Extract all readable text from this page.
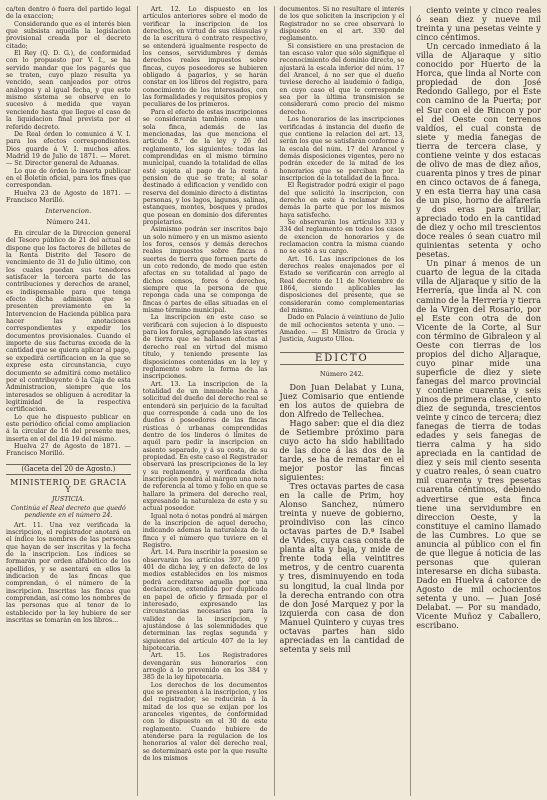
ca/ten dentro ó fuera del partido legal de la exaccion;

Considerando que es el interés bien que subsista aquella la legislacion provisional creada por el decreto citado;

El Rey (Q. D. G.), de conformidad con lo propuesto por V. I., se ha servido mandar que los pagarés que se traten, cuyo plazo resulta ya vencido, sean canjeados por otros análogos y al igual fecha, y que este mismo sistema se observe en lo sucesivo á medida que vayan venciendo hasta que llegue el caso de la liquidacion final prevista por el referido decreto.

De Real órden lo comunico á V. I. para los efectos correspondientes. Dios guarde á V. I. muchos años. Madrid 19 de Julio de 1871. — Moret. — Sr. Director general de Aduanas.

Lo que de órden lo inserta publicar en el Boletín oficial, para los fines que correspondan.

Huelva 23 de Agosto de 1871. — Francisco Morilló.

Intervencion.
Número 241.

En circular de la Direccion general del Tesoro público de 21 del actual se dispone que los factores de billetes de la Renta Distrito del Tesoro de vencimiento de 31 de Julio último, con los cuales puedan sus tenedores satisfacer la tercera parte de las contribuciones y derechos de aranel, es indispensable para que tenga efecto dicha admision que se presenten previamente en la Intervencion de Hacienda pública para hacer las anotaciones correspondientes y expedir los documentos provisionales. Cuando el importe de sus facturas exceda de la cantidad que se quiera aplicar al pago, se expedirá certificacion en la que se exprese esta circunstancia, cuyo documento se admitirá como metálico por el contribuyente ó la Caja de esta Administracion, siempre que los interesados se obliguen á acreditar la legitimidad de la respectiva certificacion.

Lo que he dispuesto publicar en este periódico oficial como ampliacion á la circular de 16 del presente mes, inserta en el del dia 19 del mismo.

Huelva 27 de Agosto de 1871. — Francisco Morilló.

(Gaceta del 20 de Agosto.)
MINISTERIO DE GRACIA Y
JUSTICIA.
Continúa el Real decreto que quedó pendiente en el número 24.

Art. 11. Una vez verificada la inscripcion, el registrador anotará en el índice los nombres de las personas que hayan de ser inscritas y la fecha de la inscripcion. Los índices se formarán por orden alfabético de los apellidos, y se asentará en ellos la indicacion de las fincas que comprendan, ó el número de la inscripcion. Inscritas las fincas que comprendan, así como los nombres de las personas que al tenor de lo establecido por la ley hubiere de ser inscritas se tomarán en los libros...

Art. 12. Lo dispuesto en los artículos anteriores sobre el modo de verificar la inscripcion de los derechos, en virtud de sus cláusulas y de la escritura ó contrato respectivo, se entenderá igualmente respecto de los censos, servidumbres y demás derechos reales impuestos sobre fincas, cuyos poseedores se hubieren obligado á pagarlos, y se harán constar en los libros del registro, para conocimiento de los interesados, con las formalidades y requisitos propios y peculiares de los primeros.

Para el efecto de estas inscripciones se considerarán también como una sola finca, además de las mencionadas, las que menciona el artículo 8.° de la ley y 26 del reglamento, los siguientes: todas las comprendidas en el mismo término municipal, cuando la totalidad de ellas esté sujeta al pago de la renta ó pension de que se trate; al solar destinado á edificacion y vendido con reserva del dominio directo á distintas personas, y los lagos, lagunas, salinas, estanques, montes, bosques y prados que posean en dominio dos diferentes propietarios.

Asimismo podrán ser inscritos bajo un solo número y en un mismo asiento los foros, censos y demás derechos reales impuestos sobre fincas ó suertes de tierra que formen parte de un coto redondo, de modo que estén afectas en su totalidad al pago de dichos censos, foros ó derechos, siempre que la persona de que reponga cada una se componga de fincas ó partes de ellas situadas en el mismo término municipal.

La inscripcion en este caso se verificará con sujecion á lo dispuesto para los forales, agrupando las suertes de tierra que se hallasen afectas al derecho real en virtud del mismo título, y teniendo presente las disposiciones contenidas en la ley y reglamento sobre la forma de las inscripciones.

Art. 13. La inscripcion de la totalidad de un inmueble hecha á solicitud del dueño del derecho real se entenderá sin perjuicio de la facultad que corresponde á cada uno de los dueños ó poseedores de las fincas rústicas ó urbanas comprendidas dentro de los linderos ó límites de aquél para pedir la inscripcion en asiento separado, y á su costa, de su propiedad. En este caso el Registrador observará las prescripciones de la ley y su reglamento, y verificada dicha inscripcion pondrá al márgen una nota de referencia al tomo y folio en que se hallare la primera del derecho real, expresando la naturaleza de este y su actual poseedor.

Igual nota ó notas pondrá al márgen de la inscripcion de aquel derecho, indicando ademas la naturaleza de la finca y el número que tuviere en el Registro.

Art. 14. Para inscribir la posesion se observarán los artículos 397, 400 y 401 de dicha ley, y en defecto de los medios establecidos en los mismos podrá acreditarse aquella por una declaracion, extendida por duplicado en papel de oficio y firmada por el interesado, expresando las circunstancias necesarias para la validez de la inscripcion, y ajustándose á las solemnidades que determinan las reglas segunda y siguientes del artículo 407 de la ley hipotecaria.

Art. 15. Los Registradores devengarán sus honorarios con arreglo á lo prevenido en los 384 y 385 de la ley hipotecaria.

Los derechos de los documentos que se presenten á la inscripcion, y los del registrador, se reducirán á la mitad de los que se exijan por los aranceles vigentes, de conformidad con lo dispuesto en el 30 de este reglamento. Cuando hubiere de atenderse para la regulacion de los honorarios al valor del derecho real, se determinará este por la que resulte de los mismos

documentos. Si no resultare el interés de los que soliciten la inscripcion y el Registrador no se cree observará lo dispuesto en el art. 330 del reglamento.

Si consistiere en una prestacion de tan escaso valor que sólo signifique el reconocimiento del dominio directo, se ajustará la escala inferior del núm. 17 del Arancel, á no ser que el dueño tuviese derecho al laudemio ó fadiga, en cuyo caso el que le corresponde sea por la última transmision se considerará como precio del mismo derecho.

Los honorarios de las inscripciones verificadas á instancia del dueño de que contiene la relacion del art. 13, serán los que se satisfarán conforme á la escala del núm. 17 del Arancel y demás disposiciones vigentes, pero no podrán exceder de la mitad de los honorarios que se perciban por la inscripcion de la totalidad de la finca.

El Registrador podrá exigir el pago del que solicitó la inscripcion, con derecho en este á reclamar de los demás la parte que por los mismos haya satisfecho.

Se observarán los artículos 333 y 334 del reglamento en todos los casos de exencion de honorarios y de reclamacion contra la misma cuando no se esté a su cargo.

Art. 16. Las inscripciones de los derechos reales enajenados por el Estado se verificarán con arreglo al Real decreto de 11 de Noviembre de 1864, siendo aplicables las disposiciones del presente, que se considerarán como complementarias del mismo.

Dado en Palacio á veintiuno de Julio de mil ochocientos setenta y uno. — Amadeo. — El Ministro de Gracia y Justicia, Augusto Ulloa.

EDICTO
Número 242.

Don Juan Delabat y Luna, Juez Comisario que entiende en los autos de quiebra de don Alfredo de Tellechea.

Hago saber: que el dia diez de Setiembre próximo para cuyo acto ha sido habilitado de las doce á las dos de la tarde, se ha de rematar en el mejor postor las fincas siguientes:

Tres octavas partes de casa en la calle de Prim, hoy Alonso Sanchez, número treinta y nueve de gobierno, proindiviso con las cinco octavas partes de D.ª Isabel de Vides, cuya casa consta de planta alta y baja, y mide de frente toda ella veintitres metros, y de centro cuarenta y tres, disminuyendo en toda su longitud, la cual linda por la derecha entrando con otra de don José Marquez y por la izquierda con casa de don Manuel Quintero y cuyas tres octavas partes han sido apreciadas en la cantidad de setenta y seis mil

ciento veinte y cinco reales ó sean diez y nueve mil treinta y una pesetas veinte y cinco céntimos.

Un cercado inmediato á la villa de Aljaraque y sitio conocido por Huerto de la Horca, que linda al Norte con propiedad de don José Redondo Gallego, por el Este con camino de la Puerta; por el Sur con el de Rincon y por el del Oeste con terrenos valdíos, el cual consta de siete y media fanegas de tierra de tercera clase, y contiene veinte y dos estacas de olivo de mas de diez años, cuarenta pinos y tres de pinar en cinco octavos de á fanega, y en esta tierra hay una casa de un piso, horno de alfarería y dos eras para trillar, apreciado todo en la cantidad de diez y ocho mil trescientos doce reales ó sean cuatro mil quinientas setenta y ocho pesetas.

Un pinar á menos de un cuarto de legua de la citada villa de Aljaraque y sitio de la Herrería, que linda al N. con camino de la Herrería y tierra de la Virgen del Rosario, por el Este con otra de don Vicente de la Corte, al Sur con término de Gibraleon y al Oeste con tierras de los propios del dicho Aljaraque, cuyo pinar mide una superficie de diez y siete fanegas del marco provincial y contiene cuarenta y seis pinos de primera clase, ciento diez de segunda, trescientos veinte y cinco de tercera; diez fanegas de tierra de todas edades y seis fanegas de tierra calma y ha sido apreciada en la cantidad de diez y seis mil ciento sesenta y cuatro reales, ó sean cuatro mil cuarenta y tres pesetas cuarenta céntimos, debiendo advertirse que esta finca tiene una servidumbre en direccion Oeste, y la constituye el camino llamado de las Cumbres. Lo que se anuncia al público con el fin de que llegue á noticia de las personas que quieran interesarse en dicha subasta. Dado en Huelva á catorce de Agosto de mil ochocientos setenta y uno. — Juan José Delabat. — Por su mandado, Vicente Muñoz y Caballero, escribano.
